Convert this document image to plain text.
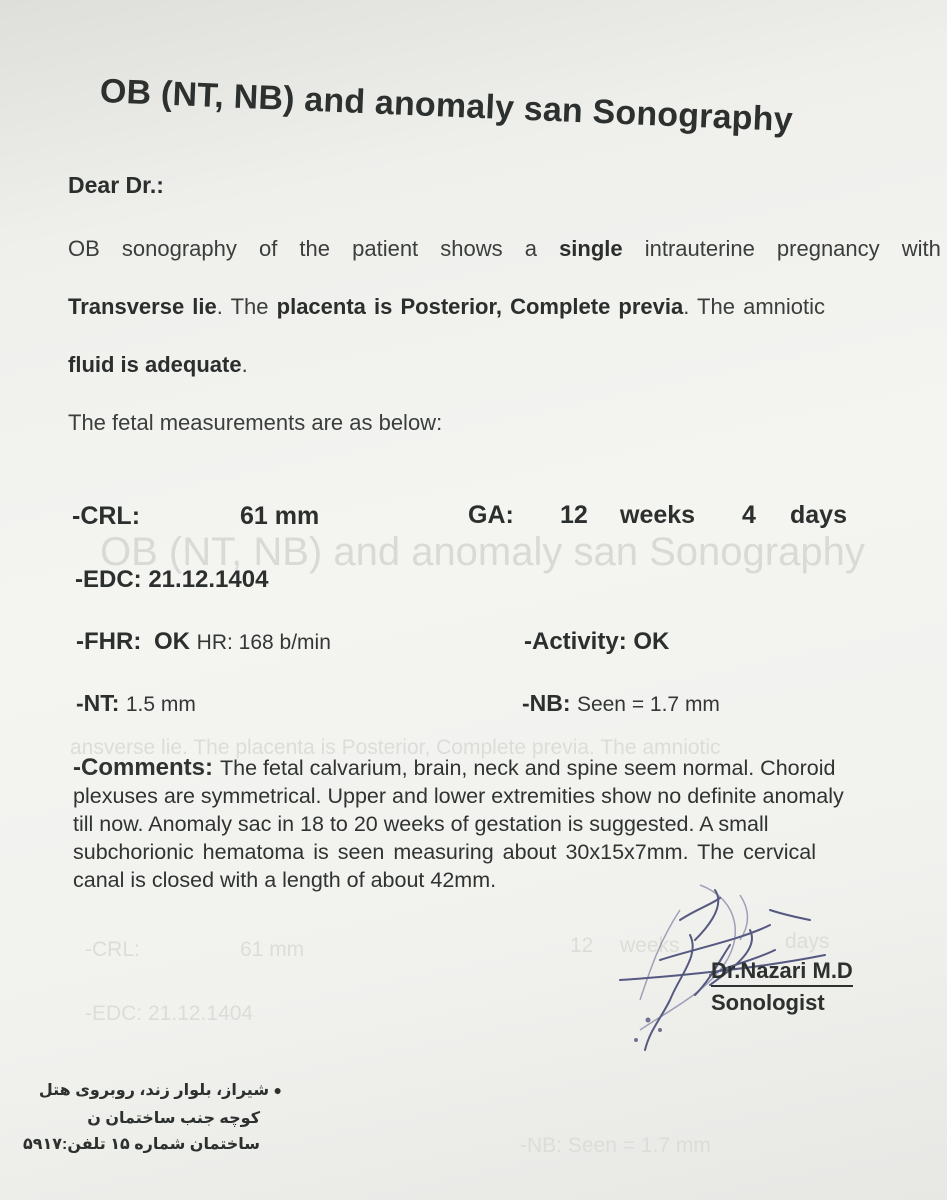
OB (NT, NB) and anomaly san Sonography
ansverse lie. The placenta is Posterior, Complete previa. The amniotic
-CRL:	61 mm	12 weeks	days
-EDC: 21.12.1404
-NB: Seen = 1.7 mm
OB (NT, NB) and anomaly san Sonography
Dear Dr.:
OB sonography of the patient shows a single intrauterine pregnancy with
Transverse lie. The placenta is Posterior, Complete previa. The amniotic
fluid is adequate.
The fetal measurements are as below:
-CRL:	61 mm	GA: 12 weeks 4 days
-EDC: 21.12.1404
-FHR: OK HR: 168 b/min	-Activity: OK
-NT: 1.5 mm	-NB: Seen = 1.7 mm
-Comments: The fetal calvarium, brain, neck and spine seem normal. Choroid
plexuses are symmetrical. Upper and lower extremities show no definite anomaly
till now. Anomaly sac in 18 to 20 weeks of gestation is suggested. A small
subchorionic hematoma is seen measuring about 30x15x7mm. The cervical
canal is closed with a length of about 42mm.
Dr.Nazari M.D
Sonologist
● شیراز، بلوار زند، روبروی هتل
کوچه جنب ساختمان ن
ساختمان شماره ۱۵ تلفن:۵۹۱۷
